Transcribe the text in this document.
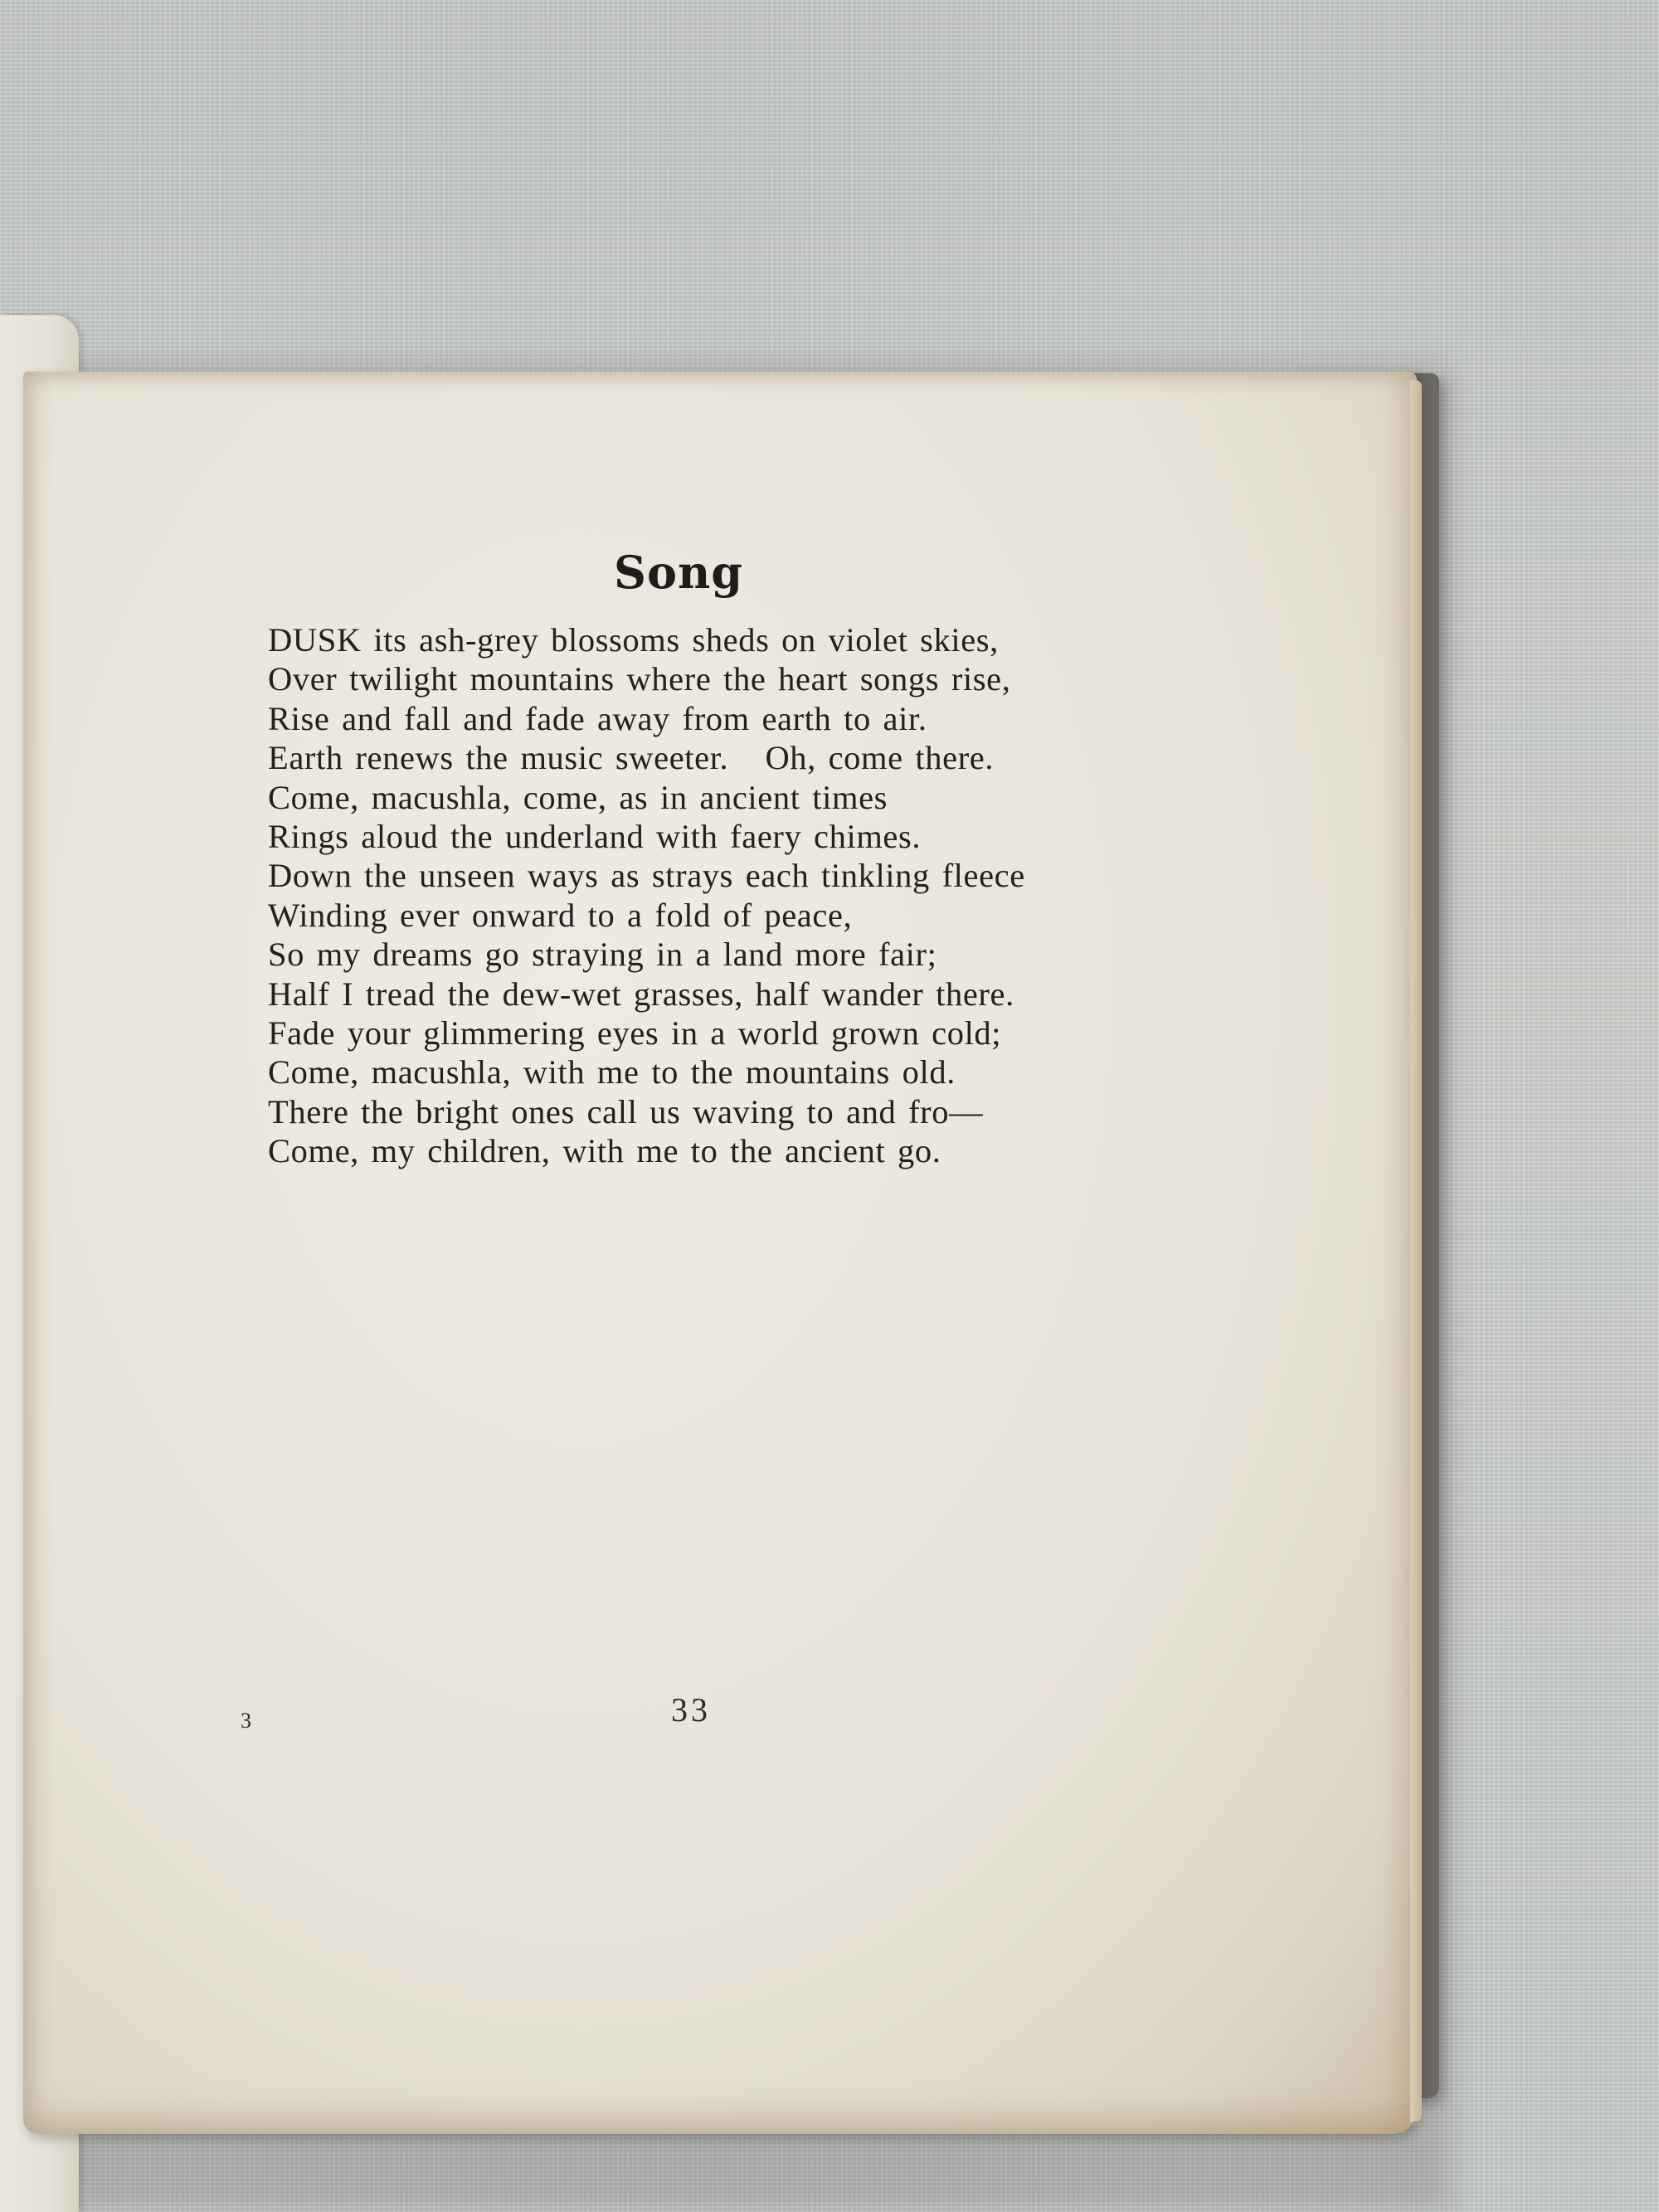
Song
DUSK its ash-grey blossoms sheds on violet skies,
Over twilight mountains where the heart songs rise,
Rise and fall and fade away from earth to air.
Earth renews the music sweeter.   Oh, come there.
Come, macushla, come, as in ancient times
Rings aloud the underland with faery chimes.
Down the unseen ways as strays each tinkling fleece
Winding ever onward to a fold of peace,
So my dreams go straying in a land more fair;
Half I tread the dew-wet grasses, half wander there.
Fade your glimmering eyes in a world grown cold;
Come, macushla, with me to the mountains old.
There the bright ones call us waving to and fro—
Come, my children, with me to the ancient go.
3	33
